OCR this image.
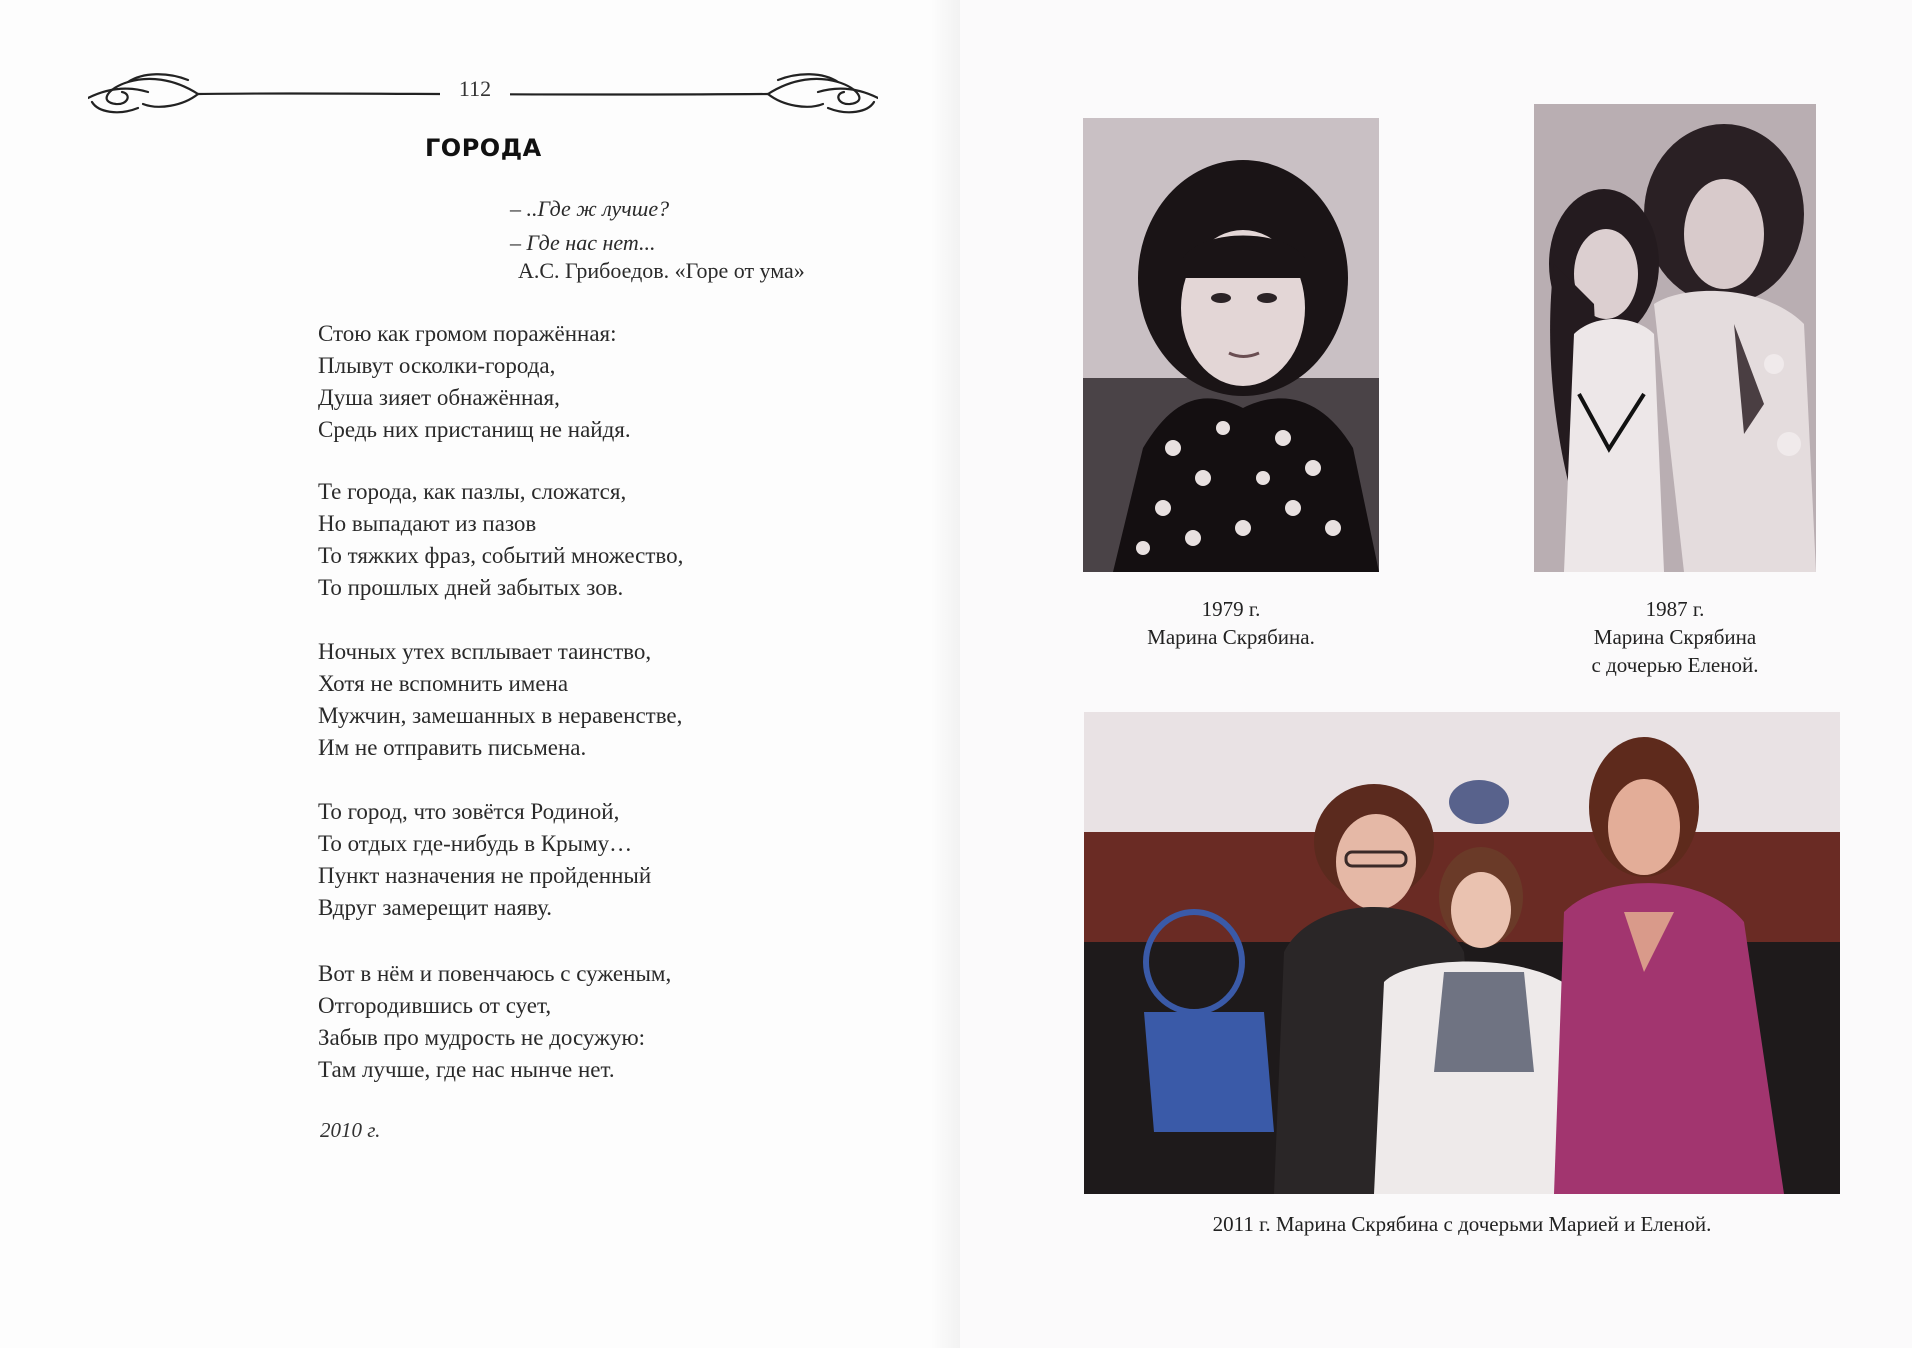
112
ГОРОДА
– ..Где ж лучше?
– Где нас нет...
А.С. Грибоедов. «Горе от ума»
Стою как громом поражённая:
Плывут осколки-города,
Душа зияет обнажённая,
Средь них пристанищ не найдя.
Те города, как пазлы, сложатся,
Но выпадают из пазов
То тяжких фраз, событий множество,
То прошлых дней забытых зов.
Ночных утех всплывает таинство,
Хотя не вспомнить имена
Мужчин, замешанных в неравенстве,
Им не отправить письмена.
То город, что зовётся Родиной,
То отдых где-нибудь в Крыму…
Пункт назначения не пройденный
Вдруг замерещит наяву.
Вот в нём и повенчаюсь с суженым,
Отгородившись от сует,
Забыв про мудрость не досужую:
Там лучше, где нас нынче нет.
2010 г.
1979 г.
Марина Скрябина.
1987 г.
Марина Скрябина
с дочерью Еленой.
2011 г. Марина Скрябина с дочерьми Марией и Еленой.
